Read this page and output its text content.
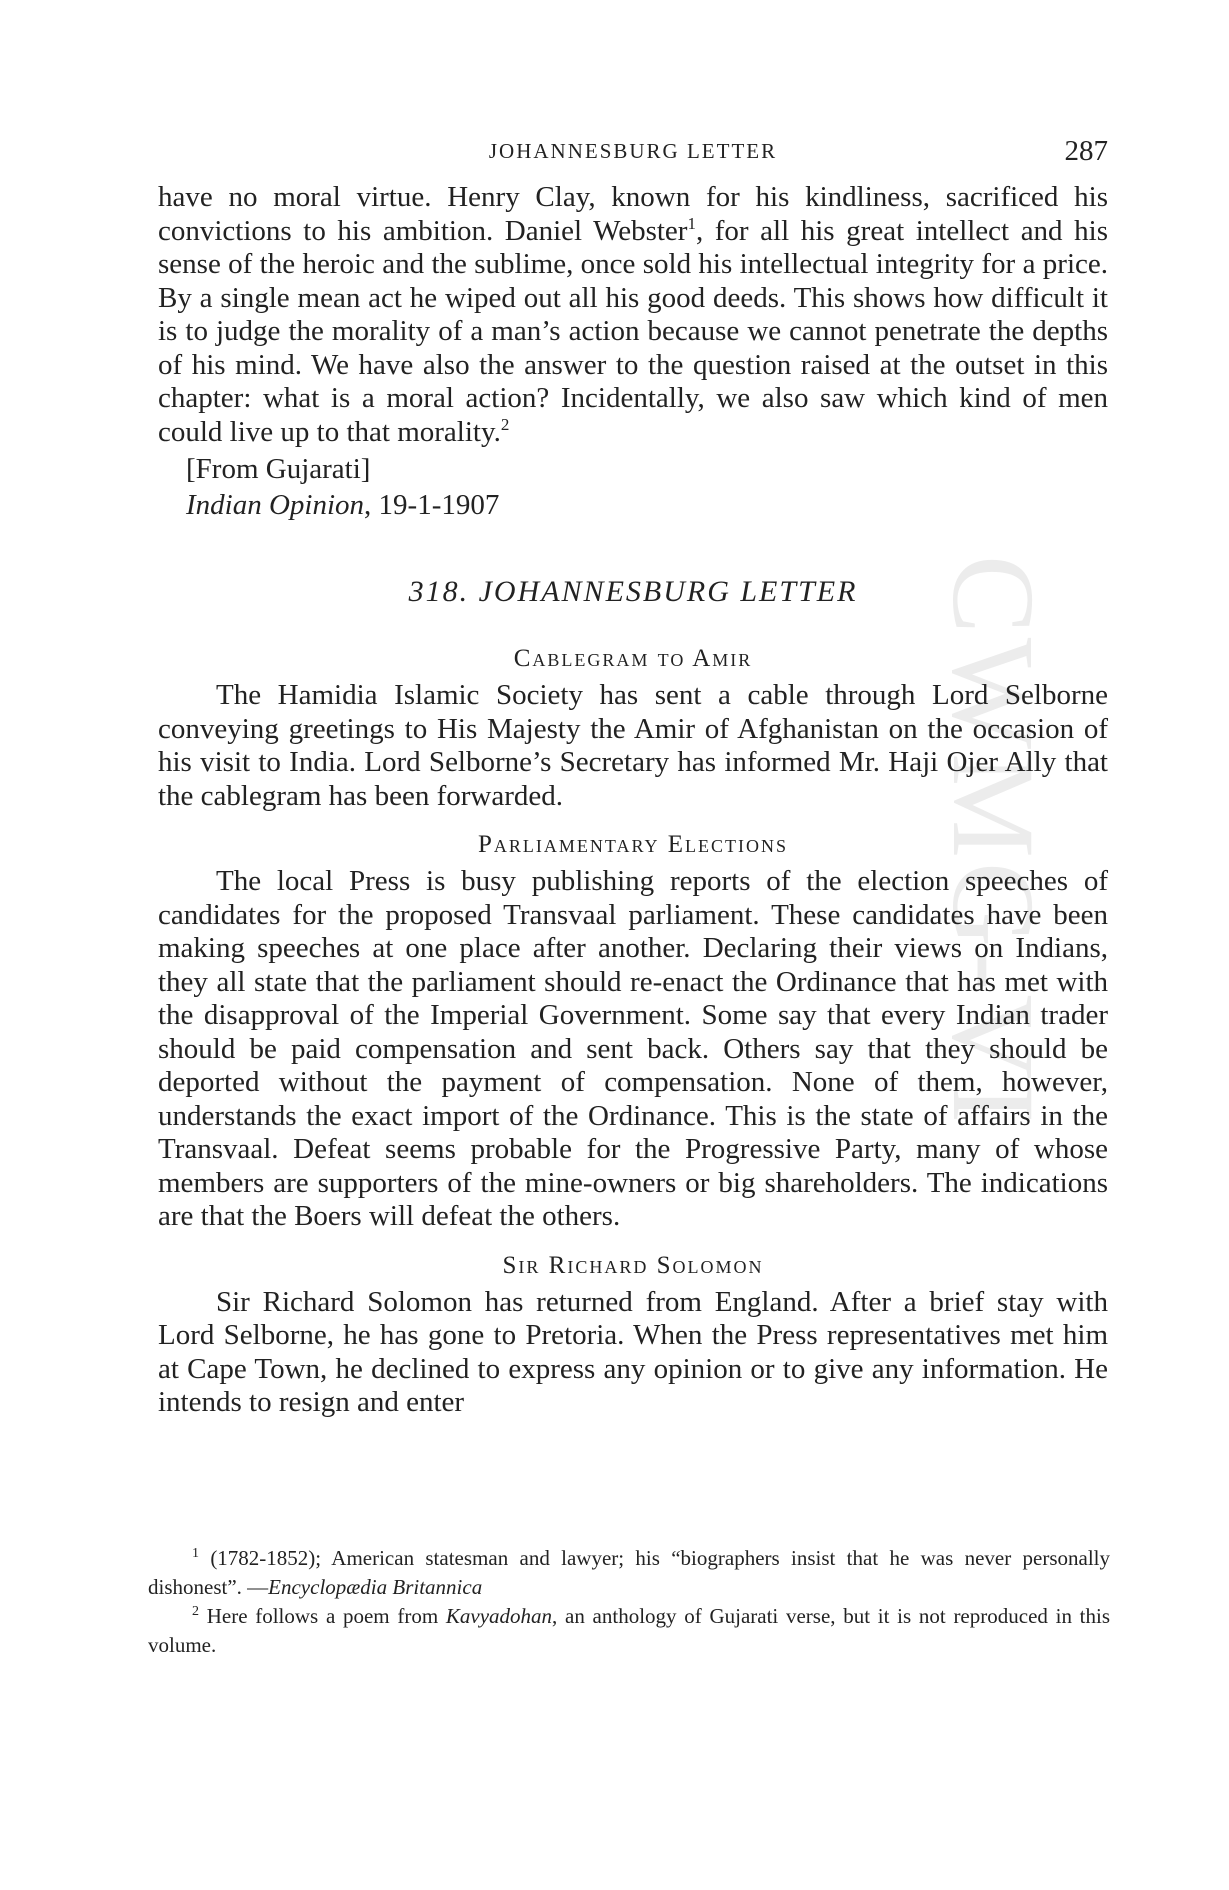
CWMG-VI
JOHANNESBURG LETTER	287

have no moral virtue. Henry Clay, known for his kindliness, sacrificed his convictions to his ambition. Daniel Webster$^1$, for all his great intellect and his sense of the heroic and the sublime, once sold his intellectual integrity for a price. By a single mean act he wiped out all his good deeds. This shows how difficult it is to judge the morality of a man’s action because we cannot penetrate the depths of his mind. We have also the answer to the question raised at the outset in this chapter: what is a moral action? Incidentally, we also saw which kind of men could live up to that morality.$^2$

[From Gujarati]

Indian Opinion, 19-1-1907

318. JOHANNESBURG LETTER
Cablegram to Amir

The Hamidia Islamic Society has sent a cable through Lord Selborne conveying greetings to His Majesty the Amir of Afghanistan on the occasion of his visit to India. Lord Selborne’s Secretary has informed Mr. Haji Ojer Ally that the cablegram has been forwarded.

Parliamentary Elections

The local Press is busy publishing reports of the election speeches of candidates for the proposed Transvaal parliament. These candidates have been making speeches at one place after another. Declaring their views on Indians, they all state that the parliament should re-enact the Ordinance that has met with the disapproval of the Imperial Government. Some say that every Indian trader should be paid compensation and sent back. Others say that they should be deported without the payment of compensation. None of them, however, understands the exact import of the Ordinance. This is the state of affairs in the Transvaal. Defeat seems probable for the Progressive Party, many of whose members are supporters of the mine-owners or big shareholders. The indications are that the Boers will defeat the others.

Sir Richard Solomon

Sir Richard Solomon has returned from England. After a brief stay with Lord Selborne, he has gone to Pretoria. When the Press representatives met him at Cape Town, he declined to express any opinion or to give any information. He intends to resign and enter

$^1$ (1782-1852); American statesman and lawyer; his “biographers insist that he was never personally dishonest”. —Encyclopædia Britannica

$^2$ Here follows a poem from Kavyadohan, an anthology of Gujarati verse, but it is not reproduced in this volume.
